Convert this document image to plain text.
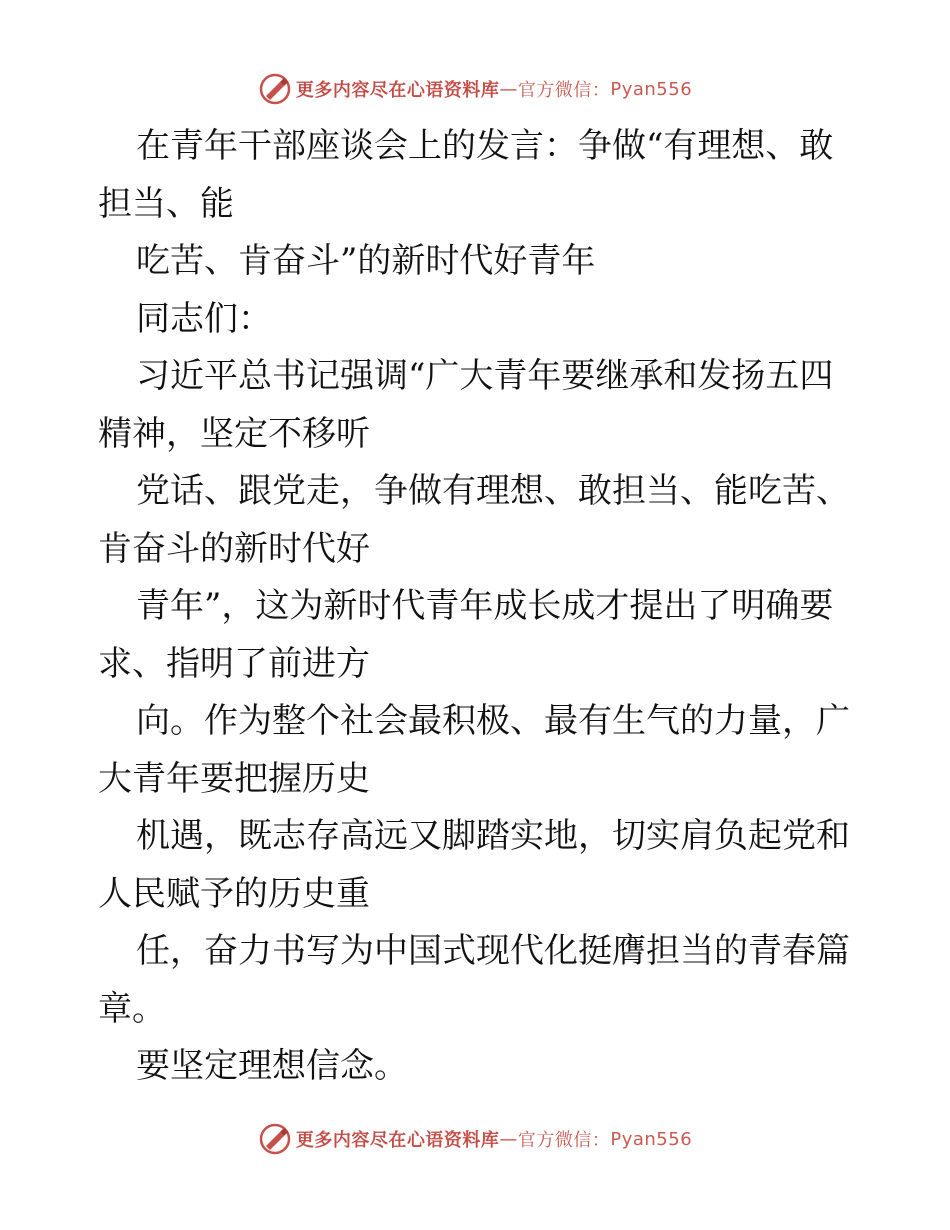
更多内容尽在心语资料库 — 官方微信： Pyan556

在青年干部座谈会上的发言：争做“有理想、敢担当、能

吃苦、肯奋斗”的新时代好青年

同志们：

习近平总书记强调“广大青年要继承和发扬五四精神，坚定不移听

党话、跟党走，争做有理想、敢担当、能吃苦、肯奋斗的新时代好

青年”，这为新时代青年成长成才提出了明确要求、指明了前进方

向。作为整个社会最积极、最有生气的力量，广大青年要把握历史

机遇，既志存高远又脚踏实地，切实肩负起党和人民赋予的历史重

任，奋力书写为中国式现代化挺膺担当的青春篇章。

要坚定理想信念。

更多内容尽在心语资料库 — 官方微信： Pyan556
